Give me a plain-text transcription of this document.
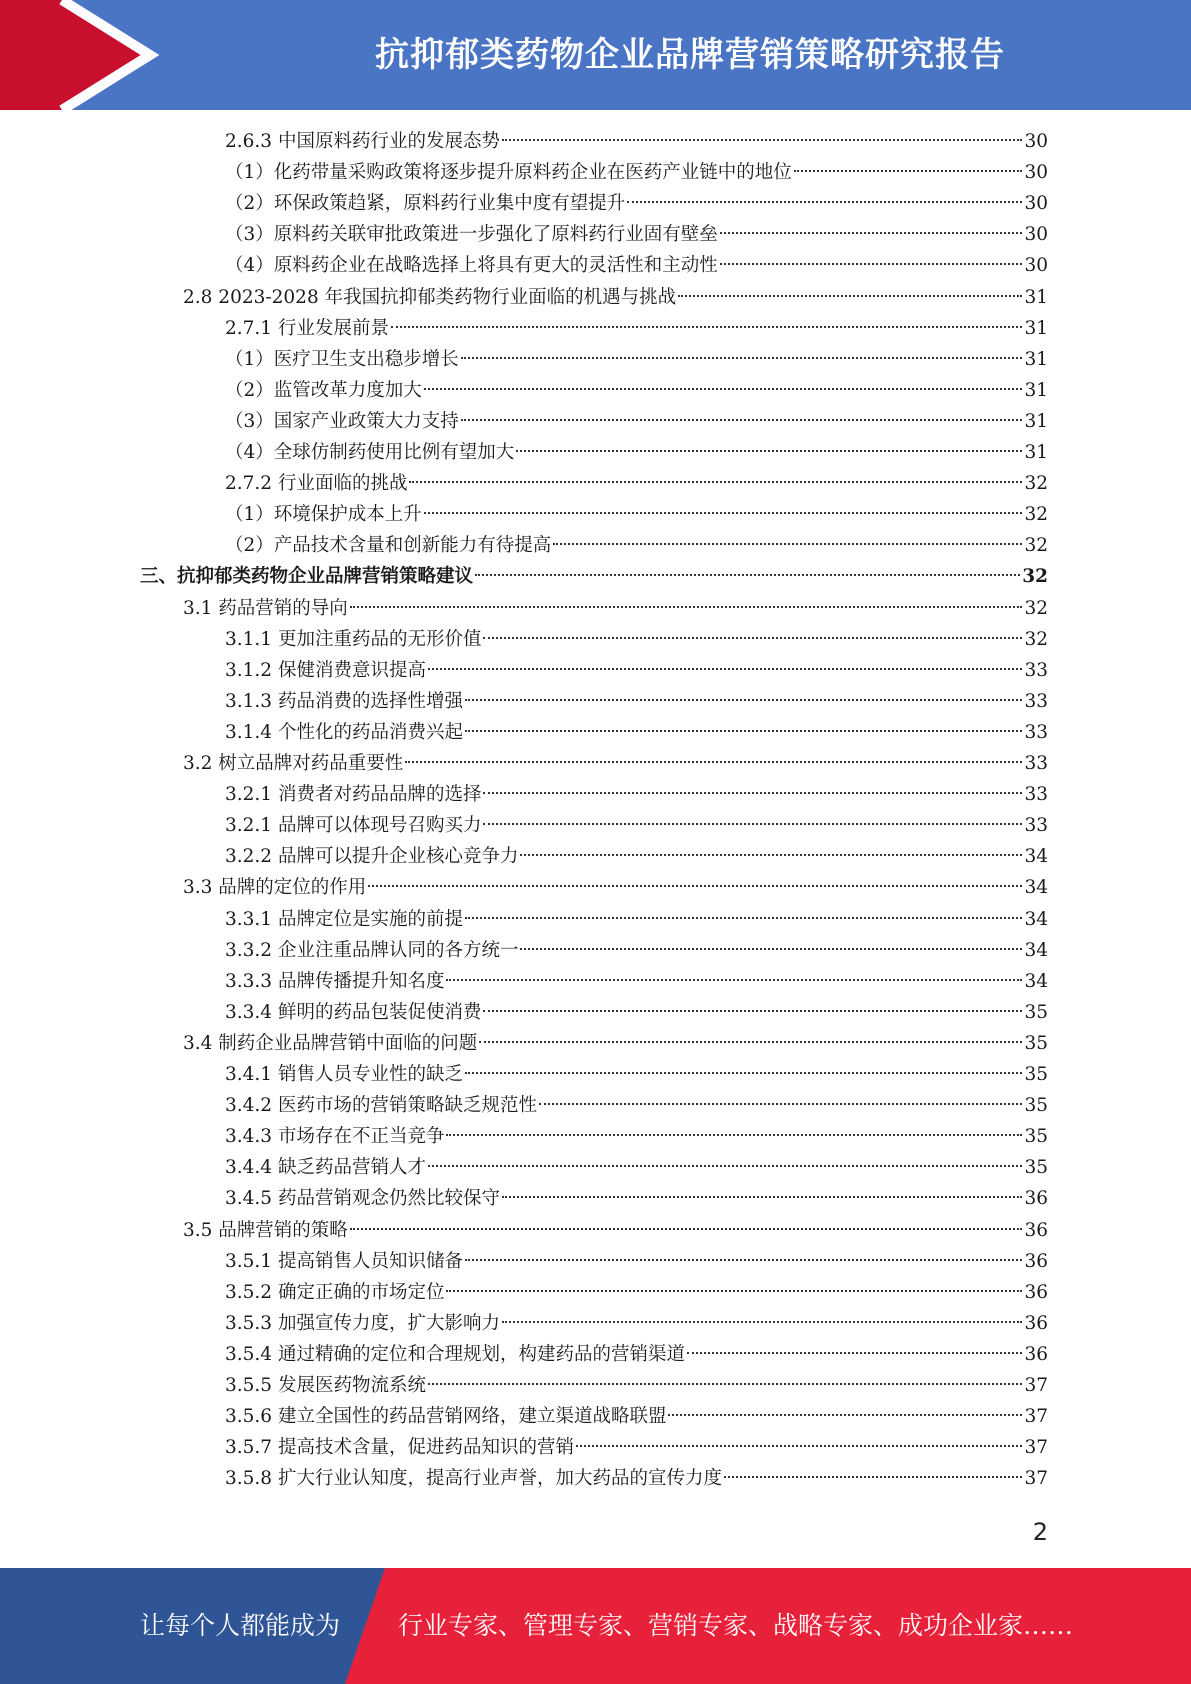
抗抑郁类药物企业品牌营销策略研究报告
2.6.3 中国原料药行业的发展态势	30
（1）化药带量采购政策将逐步提升原料药企业在医药产业链中的地位	30
（2）环保政策趋紧，原料药行业集中度有望提升	30
（3）原料药关联审批政策进一步强化了原料药行业固有壁垒	30
（4）原料药企业在战略选择上将具有更大的灵活性和主动性	30
2.8 2023-2028 年我国抗抑郁类药物行业面临的机遇与挑战	31
2.7.1 行业发展前景	31
（1）医疗卫生支出稳步增长	31
（2）监管改革力度加大	31
（3）国家产业政策大力支持	31
（4）全球仿制药使用比例有望加大	31
2.7.2 行业面临的挑战	32
（1）环境保护成本上升	32
（2）产品技术含量和创新能力有待提高	32
三、抗抑郁类药物企业品牌营销策略建议	32
3.1 药品营销的导向	32
3.1.1 更加注重药品的无形价值	32
3.1.2 保健消费意识提高	33
3.1.3 药品消费的选择性增强	33
3.1.4 个性化的药品消费兴起	33
3.2 树立品牌对药品重要性	33
3.2.1 消费者对药品品牌的选择	33
3.2.1 品牌可以体现号召购买力	33
3.2.2 品牌可以提升企业核心竞争力	34
3.3 品牌的定位的作用	34
3.3.1 品牌定位是实施的前提	34
3.3.2 企业注重品牌认同的各方统一	34
3.3.3 品牌传播提升知名度	34
3.3.4 鲜明的药品包装促使消费	35
3.4 制药企业品牌营销中面临的问题	35
3.4.1 销售人员专业性的缺乏	35
3.4.2 医药市场的营销策略缺乏规范性	35
3.4.3 市场存在不正当竞争	35
3.4.4 缺乏药品营销人才	35
3.4.5 药品营销观念仍然比较保守	36
3.5 品牌营销的策略	36
3.5.1 提高销售人员知识储备	36
3.5.2 确定正确的市场定位	36
3.5.3 加强宣传力度，扩大影响力	36
3.5.4 通过精确的定位和合理规划，构建药品的营销渠道	36
3.5.5 发展医药物流系统	37
3.5.6 建立全国性的药品营销网络，建立渠道战略联盟	37
3.5.7 提高技术含量，促进药品知识的营销	37
3.5.8 扩大行业认知度，提高行业声誉，加大药品的宣传力度	37
2
让每个人都能成为 行业专家、管理专家、营销专家、战略专家、成功企业家……
